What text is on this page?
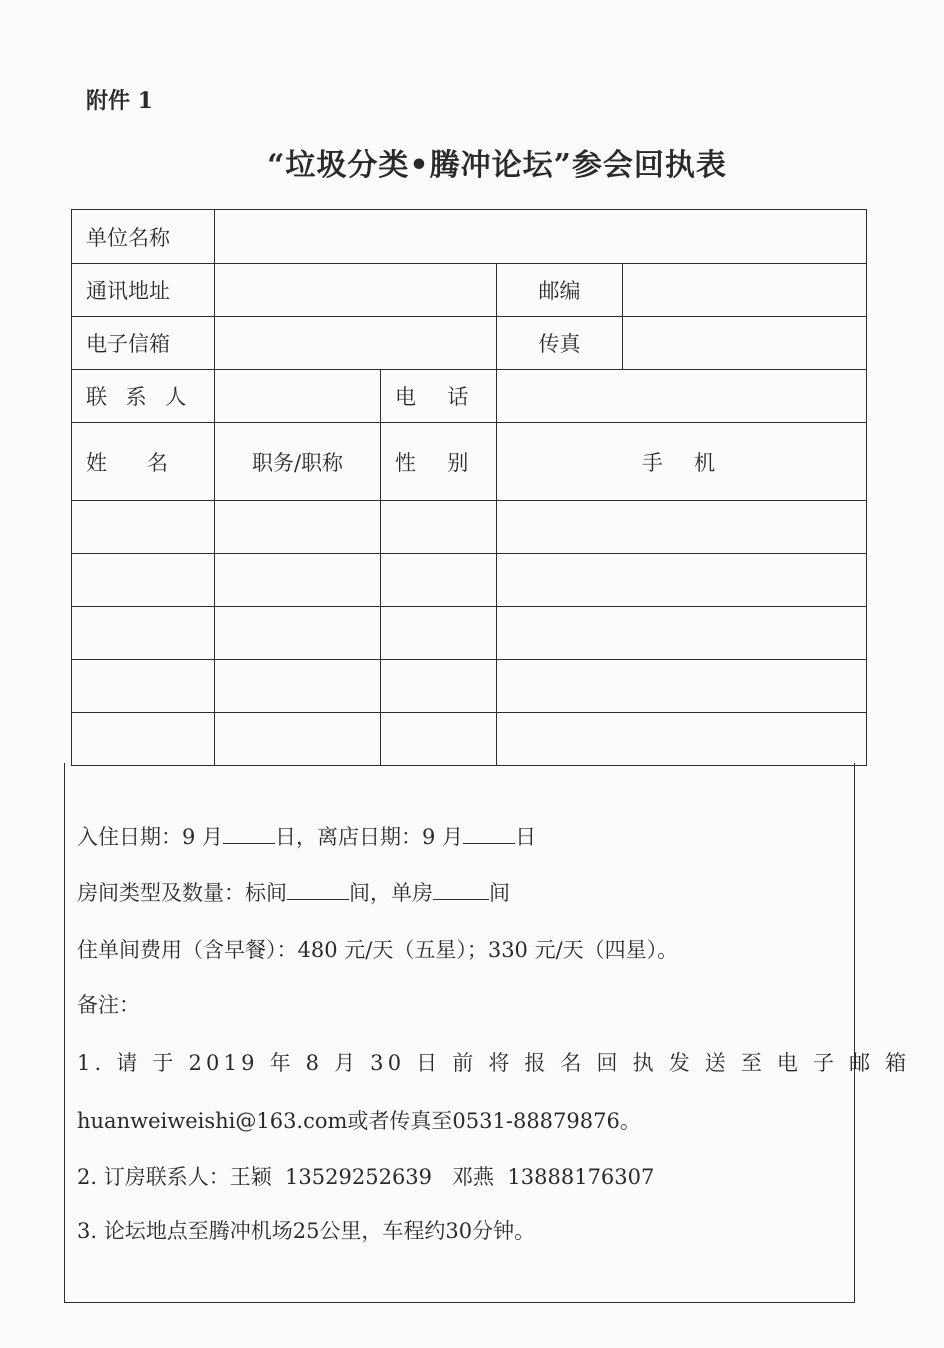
附件 1
“垃圾分类•腾冲论坛”参会回执表
单位名称				
通讯地址			邮编	
电子信箱			传真	
联 系 人		电  话		
姓      名	职务/职称	性  别	手  机	

入住日期：9 月 日，离店日期：9 月 日
房间类型及数量：标间	间，单房	间
住单间费用（含早餐）：480 元/天（五星）；330 元/天（四星）。
备注：
1. 请 于 2019 年 8 月 30 日 前 将 报 名 回 执 发 送 至 电 子 邮 箱
huanweiweishi@163.com或者传真至0531-88879876。
2. 订房联系人：王颖  13529252639   邓燕  13888176307
3. 论坛地点至腾冲机场25公里，车程约30分钟。
